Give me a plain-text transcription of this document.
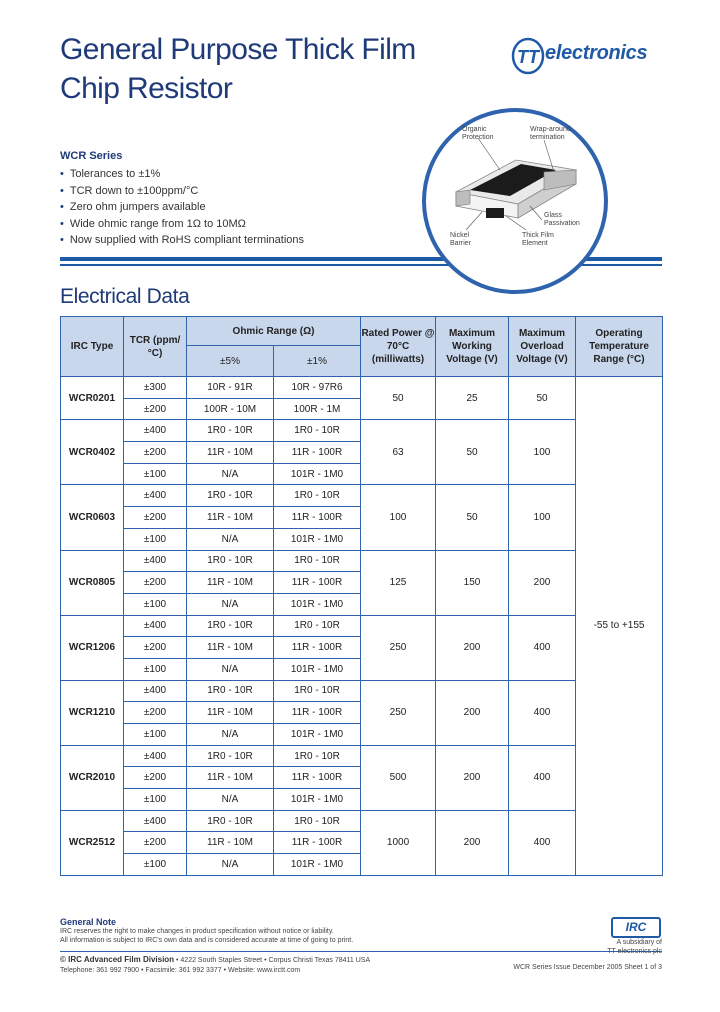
General Purpose Thick Film
Chip Resistor
TT electronics
WCR Series
• Tolerances to ±1%
• TCR down to ±100ppm/°C
• Zero ohm jumpers available
• Wide ohmic range from 1Ω to 10MΩ
• Now supplied with RoHS compliant terminations
Organic Protection
Wrap-around termination
Glass Passivation
Nickel Barrier
Thick Film Element
Electrical Data
IRC Type	TCR (ppm/°C)	Ohmic Range (Ω)		Rated Power @ 70°C (milliwatts)	Maximum Working Voltage (V)	Maximum Overload Voltage (V)	Operating Temperature Range (°C)
		±5%	±1%				
WCR0201	±300	10R - 91R	10R - 97R6	50	25	50	-55 to +155
	±200	100R - 10M	100R - 1M				
WCR0402	±400	1R0 - 10R	1R0 - 10R	63	50	100	
	±200	11R - 10M	11R - 100R				
	±100	N/A	101R - 1M0				
WCR0603	±400	1R0 - 10R	1R0 - 10R	100	50	100	
	±200	11R - 10M	11R - 100R				
	±100	N/A	101R - 1M0				
WCR0805	±400	1R0 - 10R	1R0 - 10R	125	150	200	
	±200	11R - 10M	11R - 100R				
	±100	N/A	101R - 1M0				
WCR1206	±400	1R0 - 10R	1R0 - 10R	250	200	400	
	±200	11R - 10M	11R - 100R				
	±100	N/A	101R - 1M0				
WCR1210	±400	1R0 - 10R	1R0 - 10R	250	200	400	
	±200	11R - 10M	11R - 100R				
	±100	N/A	101R - 1M0				
WCR2010	±400	1R0 - 10R	1R0 - 10R	500	200	400	
	±200	11R - 10M	11R - 100R				
	±100	N/A	101R - 1M0				
WCR2512	±400	1R0 - 10R	1R0 - 10R	1000	200	400	
	±200	11R - 10M	11R - 100R				
	±100	N/A	101R - 1M0				
General Note
IRC reserves the right to make changes in product specification without notice or liability.
All information is subject to IRC's own data and is considered accurate at time of going to print.
© IRC Advanced Film Division • 4222 South Staples Street • Corpus Christi Texas 78411 USA
Telephone: 361 992 7900 • Facsimile: 361 992 3377 • Website: www.irctt.com
IRC
A subsidiary of
TT electronics plc
WCR Series Issue December 2005 Sheet 1 of 3
